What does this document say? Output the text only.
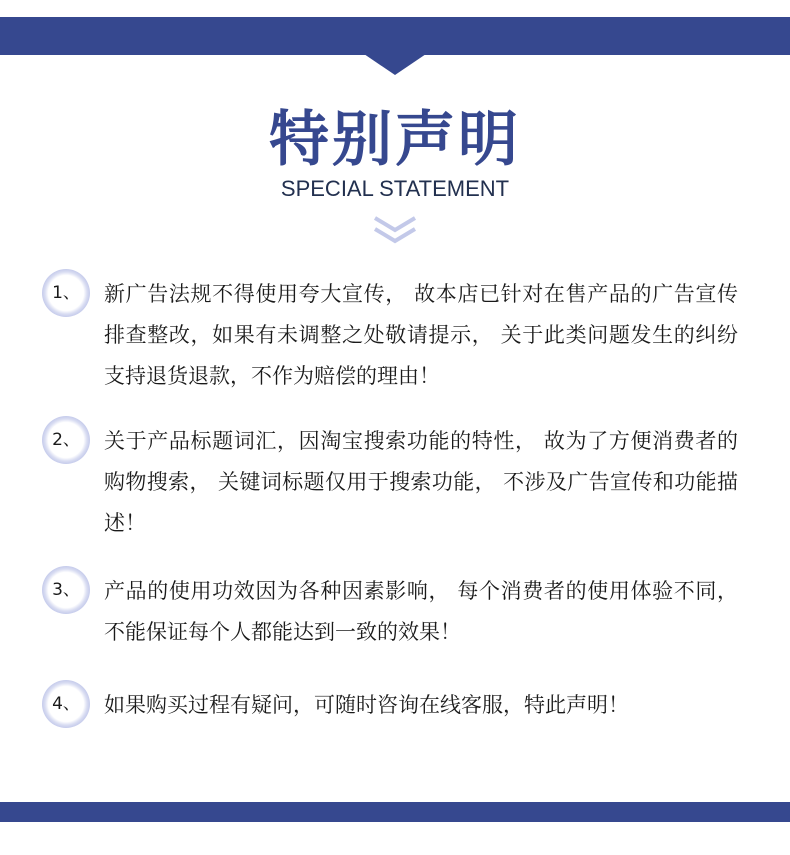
特别声明
SPECIAL STATEMENT
1、	新广告法规不得使用夸大宣传， 故本店已针对在售产品的广告宣传排查整改，如果有未调整之处敬请提示， 关于此类问题发生的纠纷支持退货退款，不作为赔偿的理由！
2、	关于产品标题词汇，因淘宝搜索功能的特性， 故为了方便消费者的购物搜索， 关键词标题仅用于搜索功能， 不涉及广告宣传和功能描述！
3、	产品的使用功效因为各种因素影响， 每个消费者的使用体验不同， 不能保证每个人都能达到一致的效果！
4、	如果购买过程有疑问，可随时咨询在线客服，特此声明！
